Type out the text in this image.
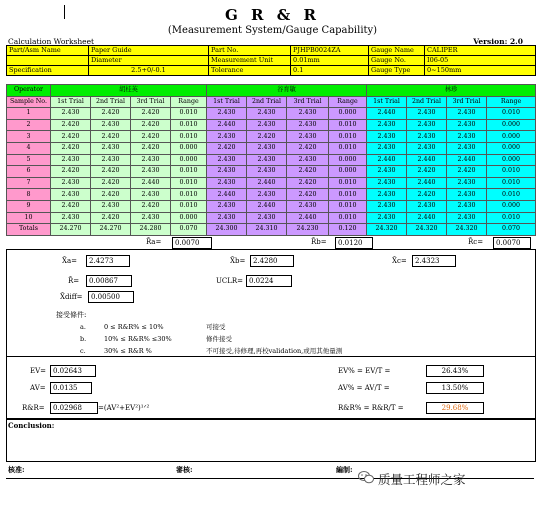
G R & R
(Measurement System/Gauge Capability)
Calculation Worksheet	Version: 2.0
Part/Asm Name	Paper Guide	Part No.	PJHPB0024ZA	Gauge Name	CALIPER
	Diameter	Measurement Unit	0.01mm	Gauge No.	I06-05
Specification	2.5+0/-0.1	Tolerance	0.1	Gauge Type	0~150mm
Operator	胡桂英				谷育敏				林珍			
Sample No.	1st Trial	2nd Trial	3rd Trial	Range	1st Trial	2nd Trial	3rd Trial	Range	1st Trial	2nd Trial	3rd Trial	Range
1	2.430	2.420	2.420	0.010	2.430	2.430	2.430	0.000	2.440	2.430	2.430	0.010
2	2.420	2.430	2.420	0.010	2.440	2.430	2.430	0.010	2.430	2.430	2.430	0.000
3	2.420	2.420	2.420	0.010	2.430	2.420	2.430	0.010	2.430	2.430	2.430	0.000
4	2.420	2.430	2.420	0.000	2.420	2.430	2.420	0.010	2.430	2.430	2.430	0.000
5	2.430	2.430	2.430	0.000	2.430	2.430	2.430	0.000	2.440	2.440	2.440	0.000
6	2.420	2.420	2.430	0.010	2.430	2.430	2.420	0.000	2.430	2.420	2.420	0.010
7	2.430	2.420	2.440	0.010	2.430	2.440	2.420	0.010	2.430	2.440	2.430	0.010
8	2.430	2.420	2.430	0.010	2.440	2.430	2.420	0.010	2.430	2.420	2.430	0.010
9	2.420	2.430	2.420	0.010	2.430	2.440	2.430	0.010	2.430	2.430	2.430	0.000
10	2.430	2.420	2.430	0.000	2.430	2.430	2.440	0.010	2.430	2.440	2.430	0.010
Totals	24.270	24.270	24.280	0.070	24.300	24.310	24.230	0.120	24.320	24.320	24.320	0.070
R̄a=	0.0070	R̄b=	0.0120	R̄c=	0.0070
X̄a=	2.4273	X̄b=	2.4280	X̄c=	2.4323
R̄=	0.00867	UCLR= 0.0224
X̄diff=	0.00500
接受條件:
a.	0 ≤ R&R% ≤ 10%	可接受
b.	10% ≤ R&R% ≤30%	條件接受
c.	30% ≤ R&R %	不可接受,待修理,再校validation,或用其他量測
EV= 0.02643
AV=	0.0135
R&R=	0.02968	=(AV²+EV²)¹ᐟ²
EV% = EV/T =	26.43%
AV% = AV/T =	13.50%
R&R% = R&R/T =	29.68%
Conclusion:
核准:	審核:	編制:
质量工程师之家
